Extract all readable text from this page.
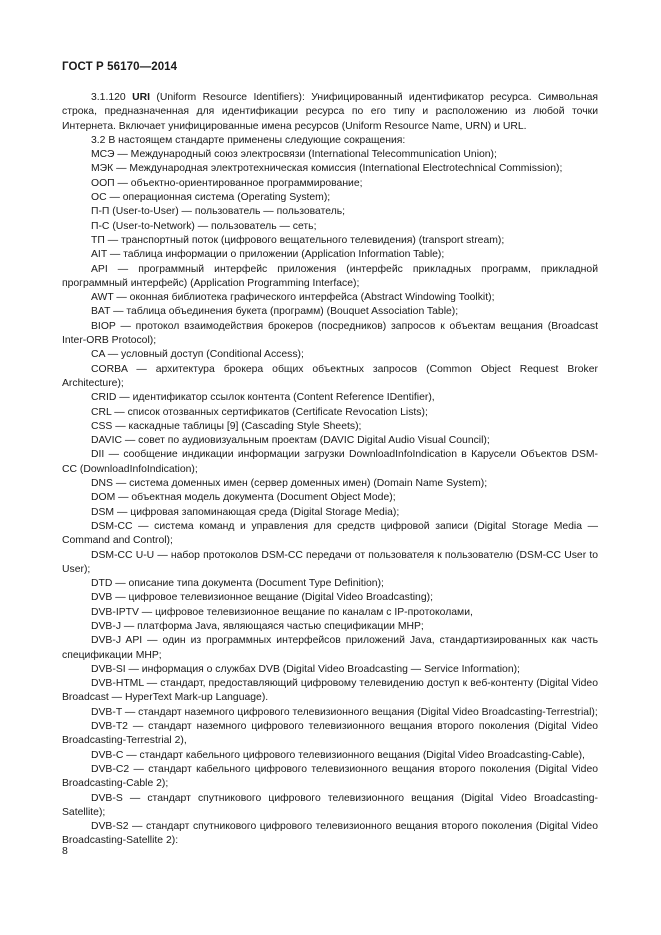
ГОСТ Р 56170—2014

3.1.120 URI (Uniform Resource Identifiers): Унифицированный идентификатор ресурса. Символьная строка, предназначенная для идентификации ресурса по его типу и расположению из любой точки Интернета. Включает унифицированные имена ресурсов (Uniform Resource Name, URN) и URL.

3.2 В настоящем стандарте применены следующие сокращения:

МСЭ — Международный союз электросвязи (International Telecommunication Union);

МЭК — Международная электротехническая комиссия (International Electrotechnical Commission);

ООП — объектно-ориентированное программирование;

ОС — операционная система (Operating System);

П-П (User-to-User) — пользователь — пользователь;

П-С (User-to-Network) — пользователь — сеть;

ТП — транспортный поток (цифрового вещательного телевидения) (transport stream);

AIT — таблица информации о приложении (Application Information Table);

API — программный интерфейс приложения (интерфейс прикладных программ, прикладной программный интерфейс) (Application Programming Interface);

AWT — оконная библиотека графического интерфейса (Abstract Windowing Toolkit);

BAT — таблица объединения букета (программ) (Bouquet Association Table);

BIOP — протокол взаимодействия брокеров (посредников) запросов к объектам вещания (Broadcast Inter-ORB Protocol);

CA — условный доступ (Conditional Access);

CORBA — архитектура брокера общих объектных запросов (Common Object Request Broker Architecture);

CRID — идентификатор ссылок контента (Content Reference IDentifier),

CRL — список отозванных сертификатов (Certificate Revocation Lists);

CSS — каскадные таблицы [9] (Cascading Style Sheets);

DAVIC — совет по аудиовизуальным проектам (DAVIC Digital Audio Visual Council);

DII — сообщение индикации информации загрузки DownloadInfoIndication в Карусели Объектов DSM-CC (DownloadInfoIndication);

DNS — система доменных имен (сервер доменных имен) (Domain Name System);

DOM — объектная модель документа (Document Object Mode);

DSM — цифровая запоминающая среда (Digital Storage Media);

DSM-CC — система команд и управления для средств цифровой записи (Digital Storage Media — Command and Control);

DSM-CC U-U — набор протоколов DSM-CC передачи от пользователя к пользователю (DSM-CC User to User);

DTD — описание типа документа (Document Type Definition);

DVB — цифровое телевизионное вещание (Digital Video Broadcasting);

DVB-IPTV — цифровое телевизионное вещание по каналам с IP-протоколами,

DVB-J — платформа Java, являющаяся частью спецификации MHP;

DVB-J API — один из программных интерфейсов приложений Java, стандартизированных как часть спецификации MHP;

DVB-SI — информация о службах DVB (Digital Video Broadcasting — Service Information);

DVB-HTML — стандарт, предоставляющий цифровому телевидению доступ к веб-контенту (Digital Video Broadcast — HyperText Mark-up Language).

DVB-T — стандарт наземного цифрового телевизионного вещания (Digital Video Broadcasting-Terrestrial);

DVB-T2 — стандарт наземного цифрового телевизионного вещания второго поколения (Digital Video Broadcasting-Terrestrial 2),

DVB-C — стандарт кабельного цифрового телевизионного вещания (Digital Video Broadcasting-Cable),

DVB-C2 — стандарт кабельного цифрового телевизионного вещания второго поколения (Digital Video Broadcasting-Cable 2);

DVB-S — стандарт спутникового цифрового телевизионного вещания (Digital Video Broadcasting-Satellite);

DVB-S2 — стандарт спутникового цифрового телевизионного вещания второго поколения (Digital Video Broadcasting-Satellite 2):

8
